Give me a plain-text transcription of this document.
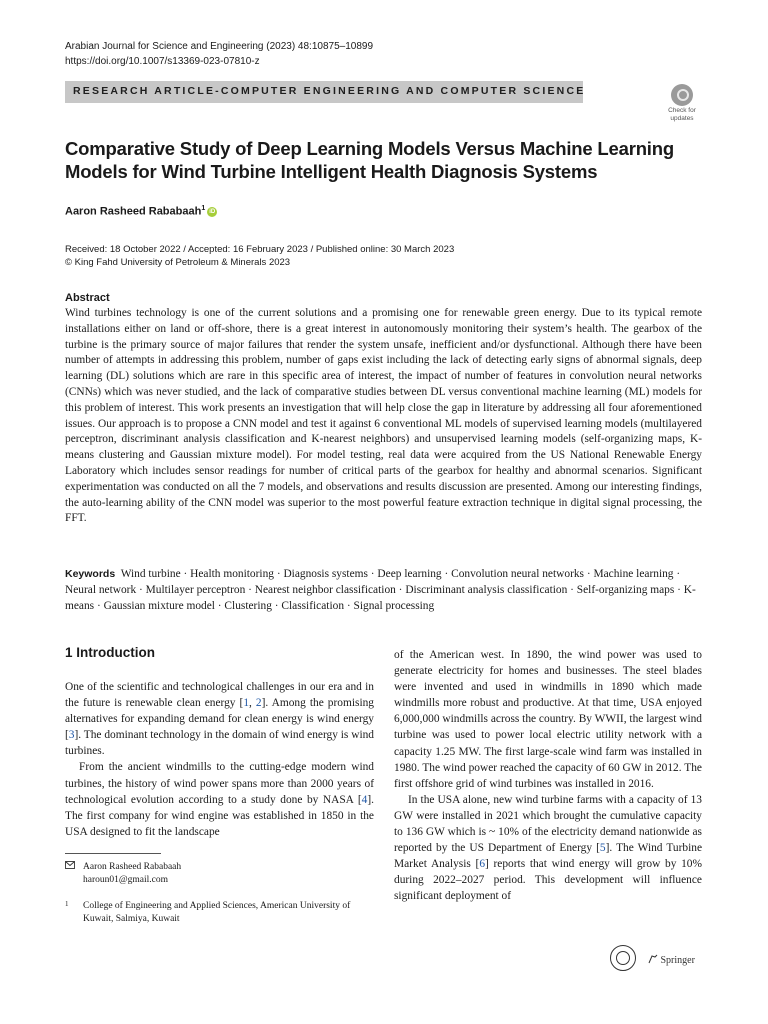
Arabian Journal for Science and Engineering (2023) 48:10875–10899
https://doi.org/10.1007/s13369-023-07810-z
RESEARCH ARTICLE-COMPUTER ENGINEERING AND COMPUTER SCIENCE
Check for
updates
Comparative Study of Deep Learning Models Versus Machine Learning Models for Wind Turbine Intelligent Health Diagnosis Systems
Aaron Rasheed Rababaah$^1$ iD
Received: 18 October 2022 / Accepted: 16 February 2023 / Published online: 30 March 2023
© King Fahd University of Petroleum & Minerals 2023
Abstract
Wind turbines technology is one of the current solutions and a promising one for renewable green energy. Due to its typical remote installations either on land or off-shore, there is a great interest in autonomously monitoring their system’s health. The gearbox of the turbine is the primary source of major failures that render the system unsafe, inefficient and/or dysfunctional. Although there have been number of attempts in addressing this problem, number of gaps exist including the lack of detecting early signs of abnormal signals, deep learning (DL) solutions which are rare in this specific area of interest, the impact of number of features in convolution neural networks (CNNs) which was never studied, and the lack of comparative studies between DL versus conventional machine learning (ML) models for this problem of interest. This work presents an investigation that will help close the gap in literature by addressing all four aforementioned issues. Our approach is to propose a CNN model and test it against 6 conventional ML models of supervised learning models (multilayered perceptron, discriminant analysis classification and K-nearest neighbors) and unsupervised learning models (self-organizing maps, K-means clustering and Gaussian mixture model). For model testing, real data were acquired from the US National Renewable Energy Laboratory which includes sensor readings for number of critical parts of the gearbox for healthy and abnormal scenarios. Significant experimentation was conducted on all the 7 models, and observations and results discussion are presented. Among our interesting findings, the auto-learning ability of the CNN model was superior to the most powerful feature extraction technique in digital signal processing, the FFT.
Keywords Wind turbine · Health monitoring · Diagnosis systems · Deep learning · Convolution neural networks · Machine learning · Neural network · Multilayer perceptron · Nearest neighbor classification · Discriminant analysis classification · Self-organizing maps · K-means · Gaussian mixture model · Clustering · Classification · Signal processing
1 Introduction

One of the scientific and technological challenges in our era and in the future is renewable clean energy [1, 2]. Among the promising alternatives for expanding demand for clean energy is wind energy [3]. The dominant technology in the domain of wind energy is wind turbines.

From the ancient windmills to the cutting-edge modern wind turbines, the history of wind power spans more than 2000 years of technological evolution according to a study done by NASA [4]. The first company for wind engine was established in 1850 in the USA designed to fit the landscape

of the American west. In 1890, the wind power was used to generate electricity for homes and businesses. The steel blades were invented and used in windmills in 1890 which made windmills more robust and productive. At that time, USA enjoyed 6,000,000 windmills across the country. By WWII, the largest wind turbine was used to power local electric utility network with a capacity 1.25 MW. The first large-scale wind farm was installed in 1980. The wind power reached the capacity of 60 GW in 2012. The first offshore grid of wind turbines was installed in 2016.

In the USA alone, new wind turbine farms with a capacity of 13 GW were installed in 2021 which brought the cumulative capacity to 136 GW which is ~ 10% of the electricity demand nationwide as reported by the US Department of Energy [5]. The Wind Turbine Market Analysis [6] reports that wind energy will grow by 10% during 2022–2027 period. This development will influence significant deployment of

Aaron Rasheed Rababaah
haroun01@gmail.com
1 College of Engineering and Applied Sciences, American University of Kuwait, Salmiya, Kuwait
Springer
